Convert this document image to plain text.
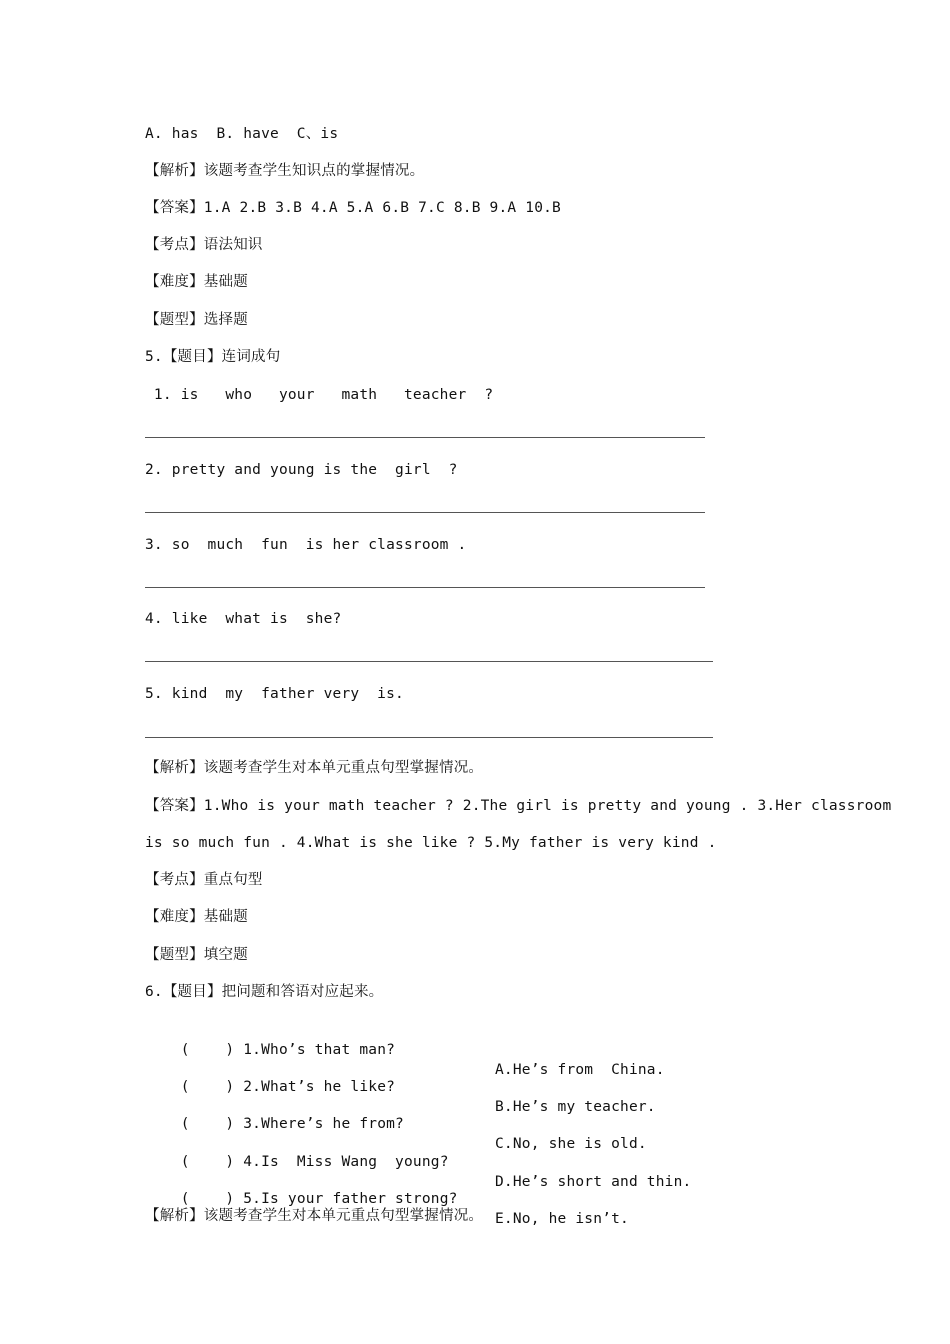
A. has  B. have  C、is
【解析】该题考查学生知识点的掌握情况。
【答案】1.A 2.B 3.B 4.A 5.A 6.B 7.C 8.B 9.A 10.B
【考点】语法知识
【难度】基础题
【题型】选择题
5.【题目】连词成句
1. is   who   your   math   teacher  ?
2. pretty and young is the  girl  ?
3. so  much  fun  is her classroom .
4. like  what is  she?
5. kind  my  father very  is.
【解析】该题考查学生对本单元重点句型掌握情况。
【答案】1.Who is your math teacher ? 2.The girl is pretty and young . 3.Her classroom
is so much fun . 4.What is she like ? 5.My father is very kind .
【考点】重点句型
【难度】基础题
【题型】填空题
6.【题目】把问题和答语对应起来。

(    ) 1.Who’s that man?

A.He’s from  China.

(    ) 2.What’s he like?

B.He’s my teacher.

(    ) 3.Where’s he from?

C.No, she is old.

(    ) 4.Is  Miss Wang  young?

D.He’s short and thin.

(    ) 5.Is your father strong?

E.No, he isn’t.

【解析】该题考查学生对本单元重点句型掌握情况。
